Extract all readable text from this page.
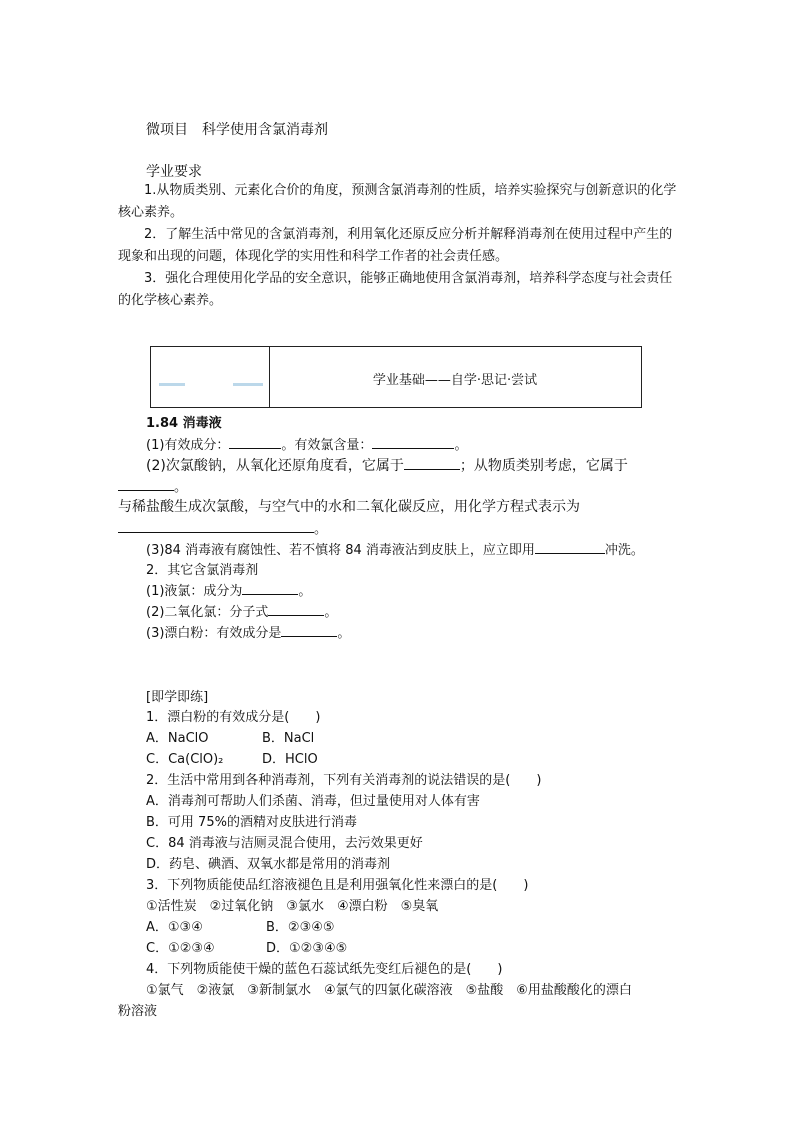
微项目　科学使用含氯消毒剂
学业要求
1.从物质类别、元素化合价的角度，预测含氯消毒剂的性质，培养实验探究与创新意识的化学核心素养。
2．了解生活中常见的含氯消毒剂，利用氧化还原反应分析并解释消毒剂在使用过程中产生的现象和出现的问题，体现化学的实用性和科学工作者的社会责任感。
3．强化合理使用化学品的安全意识，能够正确地使用含氯消毒剂，培养科学态度与社会责任的化学核心素养。
学业基础——自学·思记·尝试
1.84 消毒液
(1)有效成分：	。有效氯含量：	。
(2)次氯酸钠，从氧化还原角度看，它属于	；从物质类别考虑，它属于
。
与稀盐酸生成次氯酸，与空气中的水和二氧化碳反应，用化学方程式表示为
。
(3)84 消毒液有腐蚀性、若不慎将 84 消毒液沾到皮肤上，应立即用	冲洗。
2．其它含氯消毒剂
(1)液氯：成分为	。
(2)二氧化氯：分子式	。
(3)漂白粉：有效成分是	。
[即学即练]
1．漂白粉的有效成分是(　　)
A．NaClO	B．NaCl
C．Ca(ClO)₂	D．HClO
2．生活中常用到各种消毒剂，下列有关消毒剂的说法错误的是(　　)
A．消毒剂可帮助人们杀菌、消毒，但过量使用对人体有害
B．可用 75%的酒精对皮肤进行消毒
C．84 消毒液与洁厕灵混合使用，去污效果更好
D．药皂、碘酒、双氧水都是常用的消毒剂
3．下列物质能使品红溶液褪色且是利用强氧化性来漂白的是(　　)
①活性炭　②过氧化钠　③氯水　④漂白粉　⑤臭氧
A．①③④	B．②③④⑤
C．①②③④	D．①②③④⑤
4．下列物质能使干燥的蓝色石蕊试纸先变红后褪色的是(　　)
①氯气　②液氯　③新制氯水　④氯气的四氯化碳溶液　⑤盐酸　⑥用盐酸酸化的漂白
粉溶液
